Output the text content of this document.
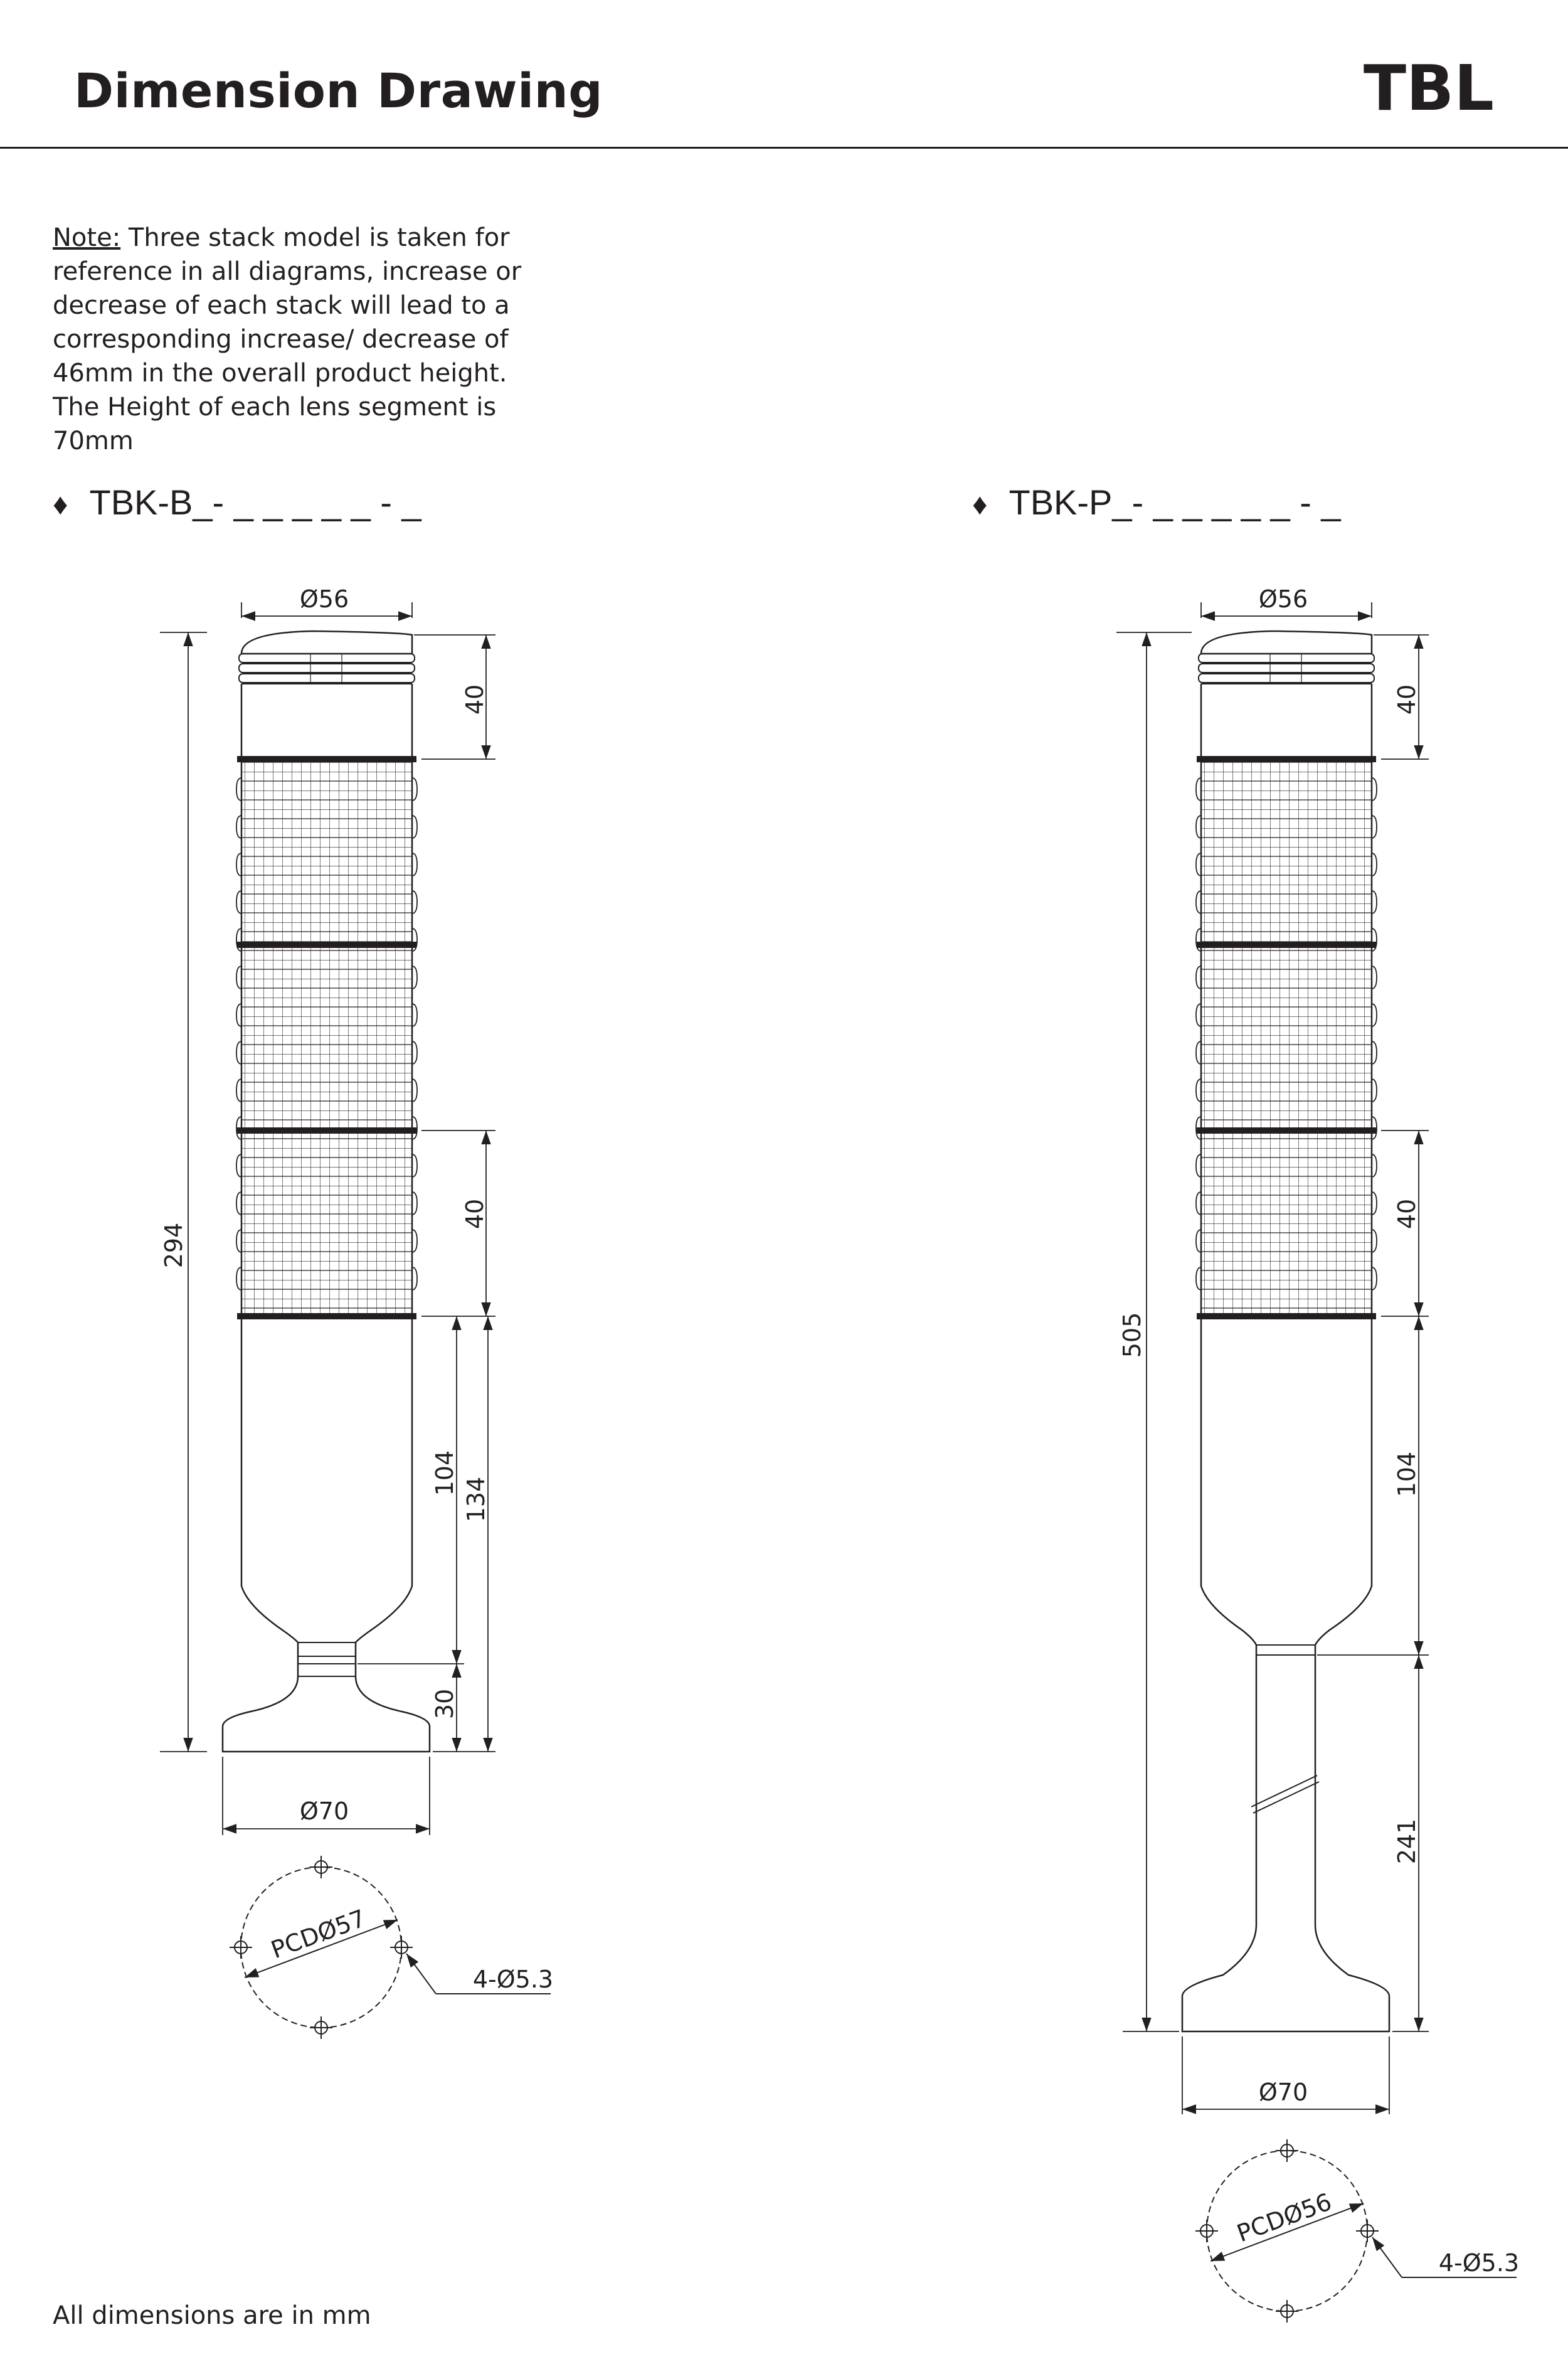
Dimension Drawing	TBL
Note: Three stack model is taken for reference in all diagrams, increase or decrease of each stack will lead to a corresponding increase/ decrease of 46mm in the overall product height.
The Height of each lens segment is 70mm
♦ TBK-B_- _ _ _ _ _ - _	♦ TBK-P_- _ _ _ _ _ - _
Ø56
294
40
40
104
134
30
Ø70
PCDØ57
4-Ø5.3
Ø56
505
40
40
104
241
Ø70
PCDØ56
4-Ø5.3
All dimensions are in mm
